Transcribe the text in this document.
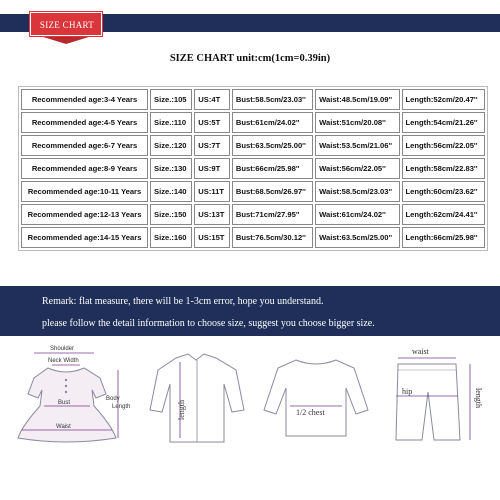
SIZE CHART
SIZE CHART unit:cm(1cm=0.39in)
Recommended age:3-4 Years	Size.:105	US:4T	Bust:58.5cm/23.03''	Waist:48.5cm/19.09''	Length:52cm/20.47''
Recommended age:4-5 Years	Size.:110	US:5T	Bust:61cm/24.02''	Waist:51cm/20.08''	Length:54cm/21.26''
Recommended age:6-7 Years	Size.:120	US:7T	Bust:63.5cm/25.00''	Waist:53.5cm/21.06''	Length:56cm/22.05''
Recommended age:8-9 Years	Size.:130	US:9T	Bust:66cm/25.98''	Waist:56cm/22.05''	Length:58cm/22.83''
Recommended age:10-11 Years	Size.:140	US:11T	Bust:68.5cm/26.97''	Waist:58.5cm/23.03''	Length:60cm/23.62''
Recommended age:12-13 Years	Size.:150	US:13T	Bust:71cm/27.95''	Waist:61cm/24.02''	Length:62cm/24.41''
Recommended age:14-15 Years	Size.:160	US:15T	Bust:76.5cm/30.12''	Waist:63.5cm/25.00''	Length:66cm/25.98''
Remark: flat measure, there will be 1-3cm error, hope you understand.
please follow the detail information to choose size, suggest you choose bigger size.
Shoulder
Neck Width
Bust
Waist
Body
Length	length	1/2 chest
waist
hip	length
